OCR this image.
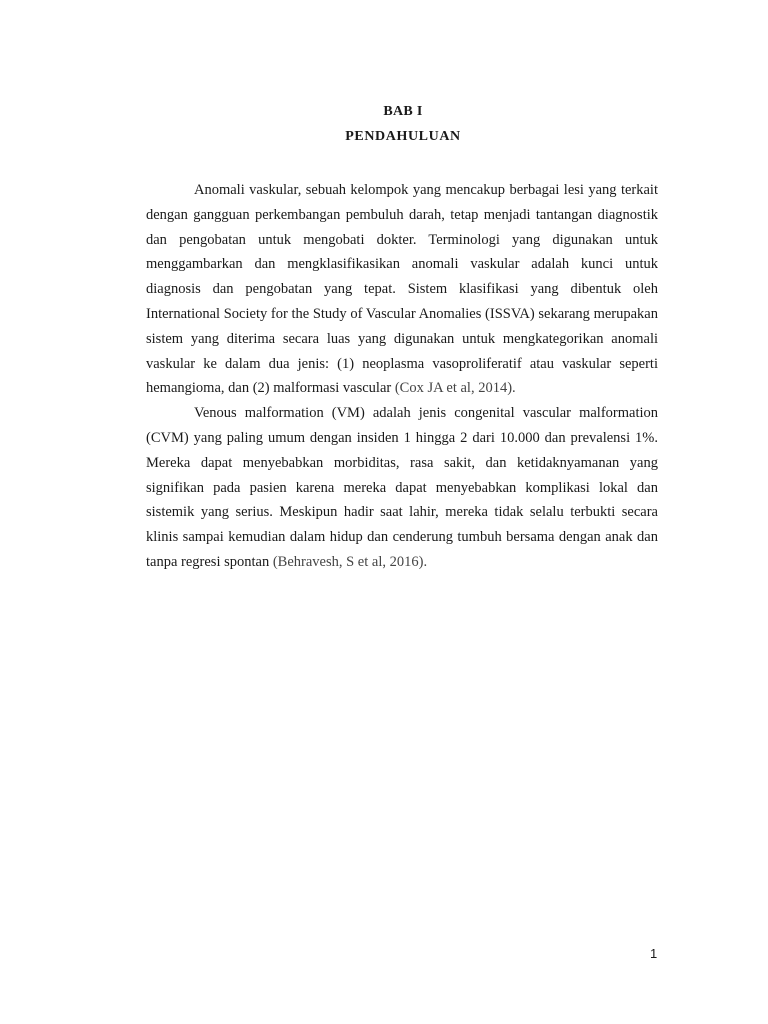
BAB I
PENDAHULUAN

Anomali vaskular, sebuah kelompok yang mencakup berbagai lesi yang terkait dengan gangguan perkembangan pembuluh darah, tetap menjadi tantangan diagnostik dan pengobatan untuk mengobati dokter. Terminologi yang digunakan untuk menggambarkan dan mengklasifikasikan anomali vaskular adalah kunci untuk diagnosis dan pengobatan yang tepat. Sistem klasifikasi yang dibentuk oleh International Society for the Study of Vascular Anomalies (ISSVA) sekarang merupakan sistem yang diterima secara luas yang digunakan untuk mengkategorikan anomali vaskular ke dalam dua jenis: (1) neoplasma vasoproliferatif atau vaskular seperti hemangioma, dan (2) malformasi vascular (Cox JA et al, 2014).

Venous malformation (VM) adalah jenis congenital vascular malformation (CVM) yang paling umum dengan insiden 1 hingga 2 dari 10.000 dan prevalensi 1%. Mereka dapat menyebabkan morbiditas, rasa sakit, dan ketidaknyamanan yang signifikan pada pasien karena mereka dapat menyebabkan komplikasi lokal dan sistemik yang serius. Meskipun hadir saat lahir, mereka tidak selalu terbukti secara klinis sampai kemudian dalam hidup dan cenderung tumbuh bersama dengan anak dan tanpa regresi spontan (Behravesh, S et al, 2016).

1
